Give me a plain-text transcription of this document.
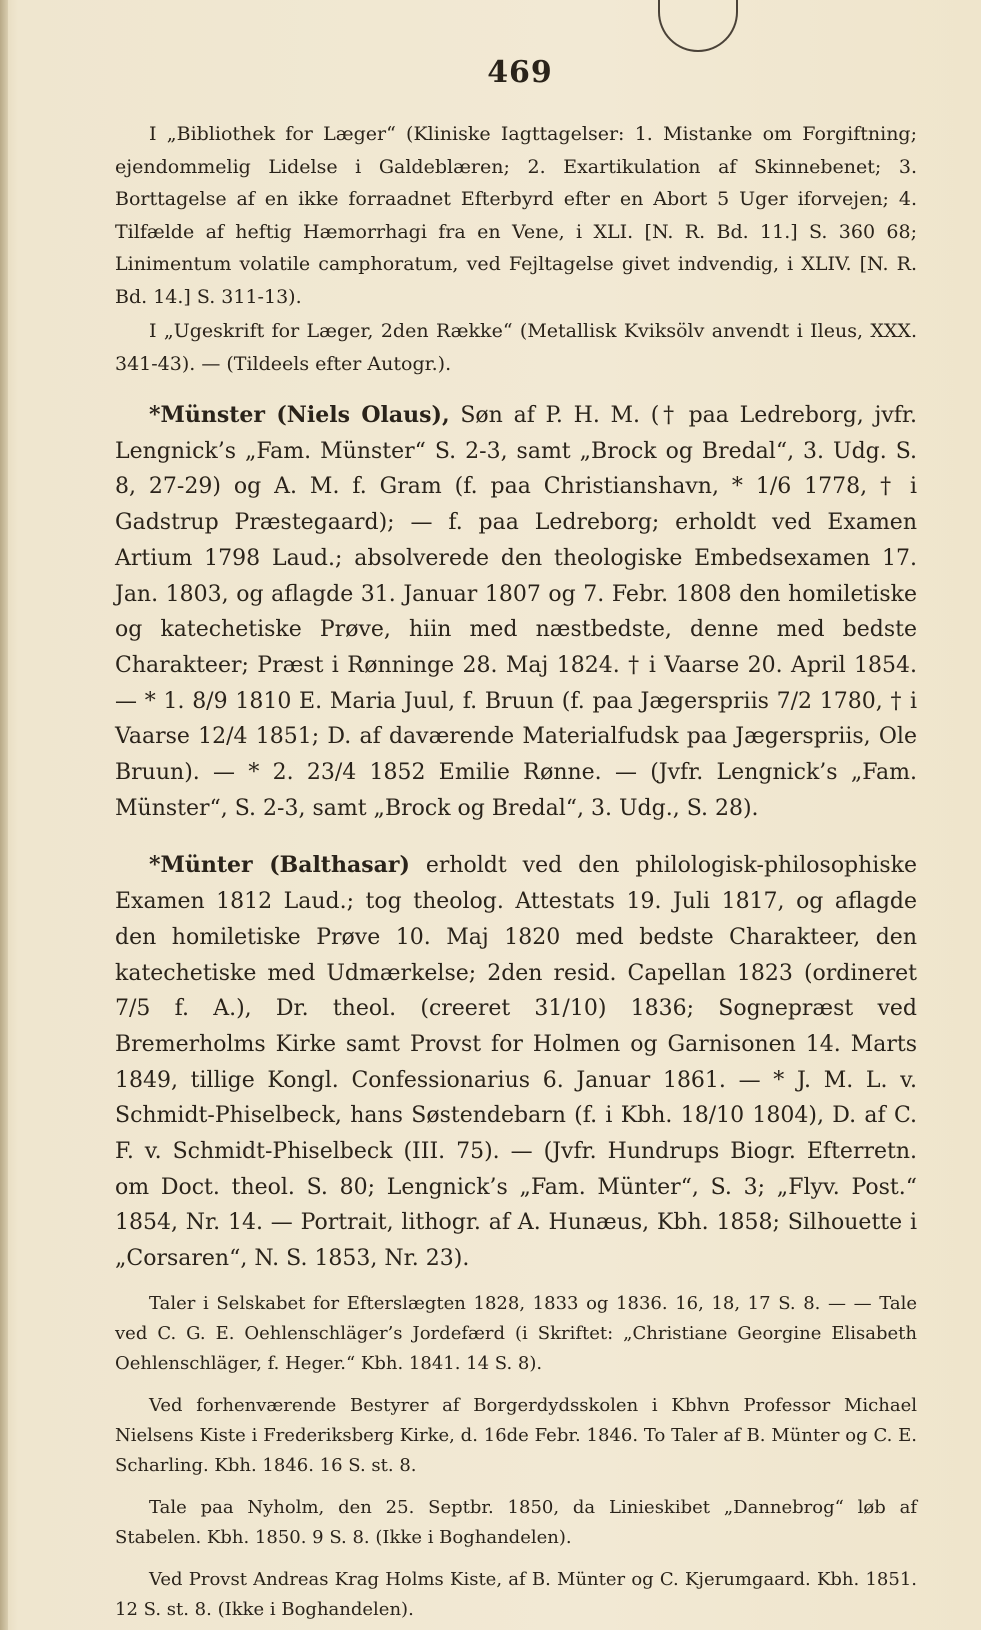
469

I „Bibliothek for Læger“ (Kliniske Iagttagelser: 1. Mistanke om Forgiftning; ejendommelig Lidelse i Galdeblæren; 2. Exartikulation af Skinnebenet; 3. Borttagelse af en ikke forraadnet Efterbyrd efter en Abort 5 Uger iforvejen; 4. Tilfælde af heftig Hæmorrhagi fra en Vene, i XLI. [N. R. Bd. 11.] S. 360 68; Linimentum volatile camphoratum, ved Fejltagelse givet indvendig, i XLIV. [N. R. Bd. 14.] S. 311-13).

I „Ugeskrift for Læger, 2den Række“ (Metallisk Kviksölv anvendt i Ileus, XXX. 341-43). — (Tildeels efter Autogr.).

*Münster (Niels Olaus), Søn af P. H. M. († paa Ledreborg, jvfr. Lengnick’s „Fam. Münster“ S. 2-3, samt „Brock og Bredal“, 3. Udg. S. 8, 27-29) og A. M. f. Gram (f. paa Christianshavn, * 1/6 1778, † i Gadstrup Præstegaard); — f. paa Ledreborg; erholdt ved Examen Artium 1798 Laud.; absolverede den theologiske Embedsexamen 17. Jan. 1803, og aflagde 31. Januar 1807 og 7. Febr. 1808 den homiletiske og katechetiske Prøve, hiin med næstbedste, denne med bedste Charakteer; Præst i Rønninge 28. Maj 1824. † i Vaarse 20. April 1854. — * 1. 8/9 1810 E. Maria Juul, f. Bruun (f. paa Jægerspriis 7/2 1780, † i Vaarse 12/4 1851; D. af daværende Materialfudsk paa Jægerspriis, Ole Bruun). — * 2. 23/4 1852 Emilie Rønne. — (Jvfr. Lengnick’s „Fam. Münster“, S. 2-3, samt „Brock og Bredal“, 3. Udg., S. 28).

*Münter (Balthasar) erholdt ved den philologisk-philosophiske Examen 1812 Laud.; tog theolog. Attestats 19. Juli 1817, og aflagde den homiletiske Prøve 10. Maj 1820 med bedste Charakteer, den katechetiske med Udmærkelse; 2den resid. Capellan 1823 (ordineret 7/5 f. A.), Dr. theol. (creeret 31/10) 1836; Sognepræst ved Bremerholms Kirke samt Provst for Holmen og Garnisonen 14. Marts 1849, tillige Kongl. Confessionarius 6. Januar 1861. — * J. M. L. v. Schmidt-Phiselbeck, hans Søstendebarn (f. i Kbh. 18/10 1804), D. af C. F. v. Schmidt-Phiselbeck (III. 75). — (Jvfr. Hundrups Biogr. Efterretn. om Doct. theol. S. 80; Lengnick’s „Fam. Münter“, S. 3; „Flyv. Post.“ 1854, Nr. 14. — Portrait, lithogr. af A. Hunæus, Kbh. 1858; Silhouette i „Corsaren“, N. S. 1853, Nr. 23).

Taler i Selskabet for Efterslægten 1828, 1833 og 1836. 16, 18, 17 S. 8. — — Tale ved C. G. E. Oehlenschläger’s Jordefærd (i Skriftet: „Christiane Georgine Elisabeth Oehlenschläger, f. Heger.“ Kbh. 1841. 14 S. 8).

Ved forhenværende Bestyrer af Borgerdydsskolen i Kbhvn Professor Michael Nielsens Kiste i Frederiksberg Kirke, d. 16de Febr. 1846. To Taler af B. Münter og C. E. Scharling. Kbh. 1846. 16 S. st. 8.

Tale paa Nyholm, den 25. Septbr. 1850, da Linieskibet „Dannebrog“ løb af Stabelen. Kbh. 1850. 9 S. 8. (Ikke i Boghandelen).

Ved Provst Andreas Krag Holms Kiste, af B. Münter og C. Kjerumgaard. Kbh. 1851. 12 S. st. 8. (Ikke i Boghandelen).
